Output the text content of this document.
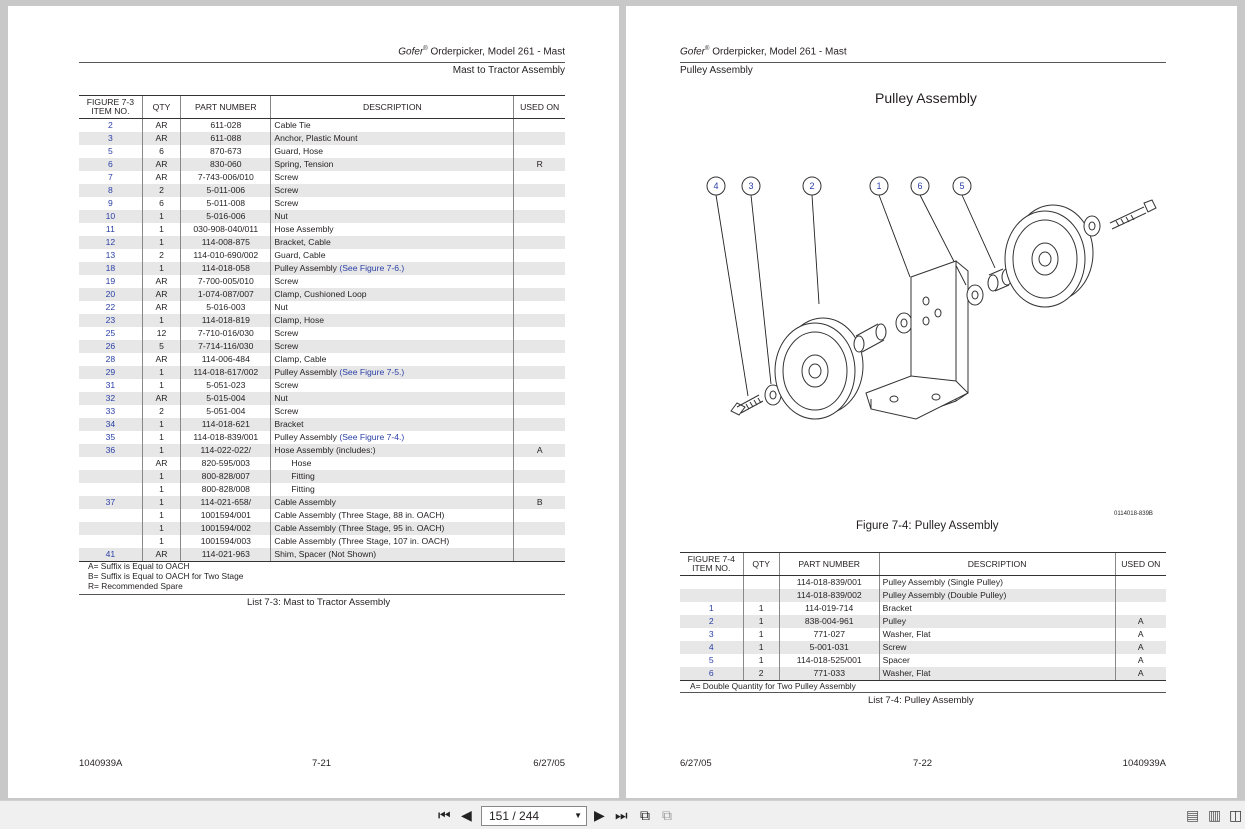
Gofer® Orderpicker, Model 261 - Mast
Mast to Tractor Assembly
FIGURE 7-3 ITEM NO.	QTY	PART NUMBER	DESCRIPTION	USED ON
2	AR	611-028	Cable Tie	
3	AR	611-088	Anchor, Plastic Mount	
5	6	870-673	Guard, Hose	
6	AR	830-060	Spring, Tension	R
7	AR	7-743-006/010	Screw	
8	2	5-011-006	Screw	
9	6	5-011-008	Screw	
10	1	5-016-006	Nut	
11	1	030-908-040/011	Hose Assembly	
12	1	114-008-875	Bracket, Cable	
13	2	114-010-690/002	Guard, Cable	
18	1	114-018-058	Pulley Assembly (See Figure 7-6.)	
19	AR	7-700-005/010	Screw	
20	AR	1-074-087/007	Clamp, Cushioned Loop	
22	AR	5-016-003	Nut	
23	1	114-018-819	Clamp, Hose	
25	12	7-710-016/030	Screw	
26	5	7-714-116/030	Screw	
28	AR	114-006-484	Clamp, Cable	
29	1	114-018-617/002	Pulley Assembly (See Figure 7-5.)	
31	1	5-051-023	Screw	
32	AR	5-015-004	Nut	
33	2	5-051-004	Screw	
34	1	114-018-621	Bracket	
35	1	114-018-839/001	Pulley Assembly (See Figure 7-4.)	
36	1	114-022-022/	Hose Assembly (includes:)	A
	AR	820-595/003	Hose	
	1	800-828/007	Fitting	
	1	800-828/008	Fitting	
37	1	114-021-658/	Cable Assembly	B
	1	1001594/001	Cable Assembly (Three Stage, 88 in. OACH)	
	1	1001594/002	Cable Assembly (Three Stage, 95 in. OACH)	
	1	1001594/003	Cable Assembly (Three Stage, 107 in. OACH)	
41	AR	114-021-963	Shim, Spacer (Not Shown)	
A= Suffix is Equal to OACH
B= Suffix is Equal to OACH for Two Stage
R= Recommended Spare
List 7-3: Mast to Tractor Assembly
1040939A	7-21	6/27/05
Gofer® Orderpicker, Model 261 - Mast
Pulley Assembly
Pulley Assembly
4	3	2	1	6	5
0114018-839B
Figure 7-4: Pulley Assembly
FIGURE 7-4 ITEM NO.	QTY	PART NUMBER	DESCRIPTION	USED ON
		114-018-839/001	Pulley Assembly (Single Pulley)	
		114-018-839/002	Pulley Assembly (Double Pulley)	
1	1	114-019-714	Bracket	
2	1	838-004-961	Pulley	A
3	1	771-027	Washer, Flat	A
4	1	5-001-031	Screw	A
5	1	114-018-525/001	Spacer	A
6	2	771-033	Washer, Flat	A
A= Double Quantity for Two Pulley Assembly
List 7-4: Pulley Assembly
6/27/05	7-22	1040939A
⏮ ◀ 151 / 244	▼ ▶ ⏭ ⧉ ⧉	▤ ▥ ◫
